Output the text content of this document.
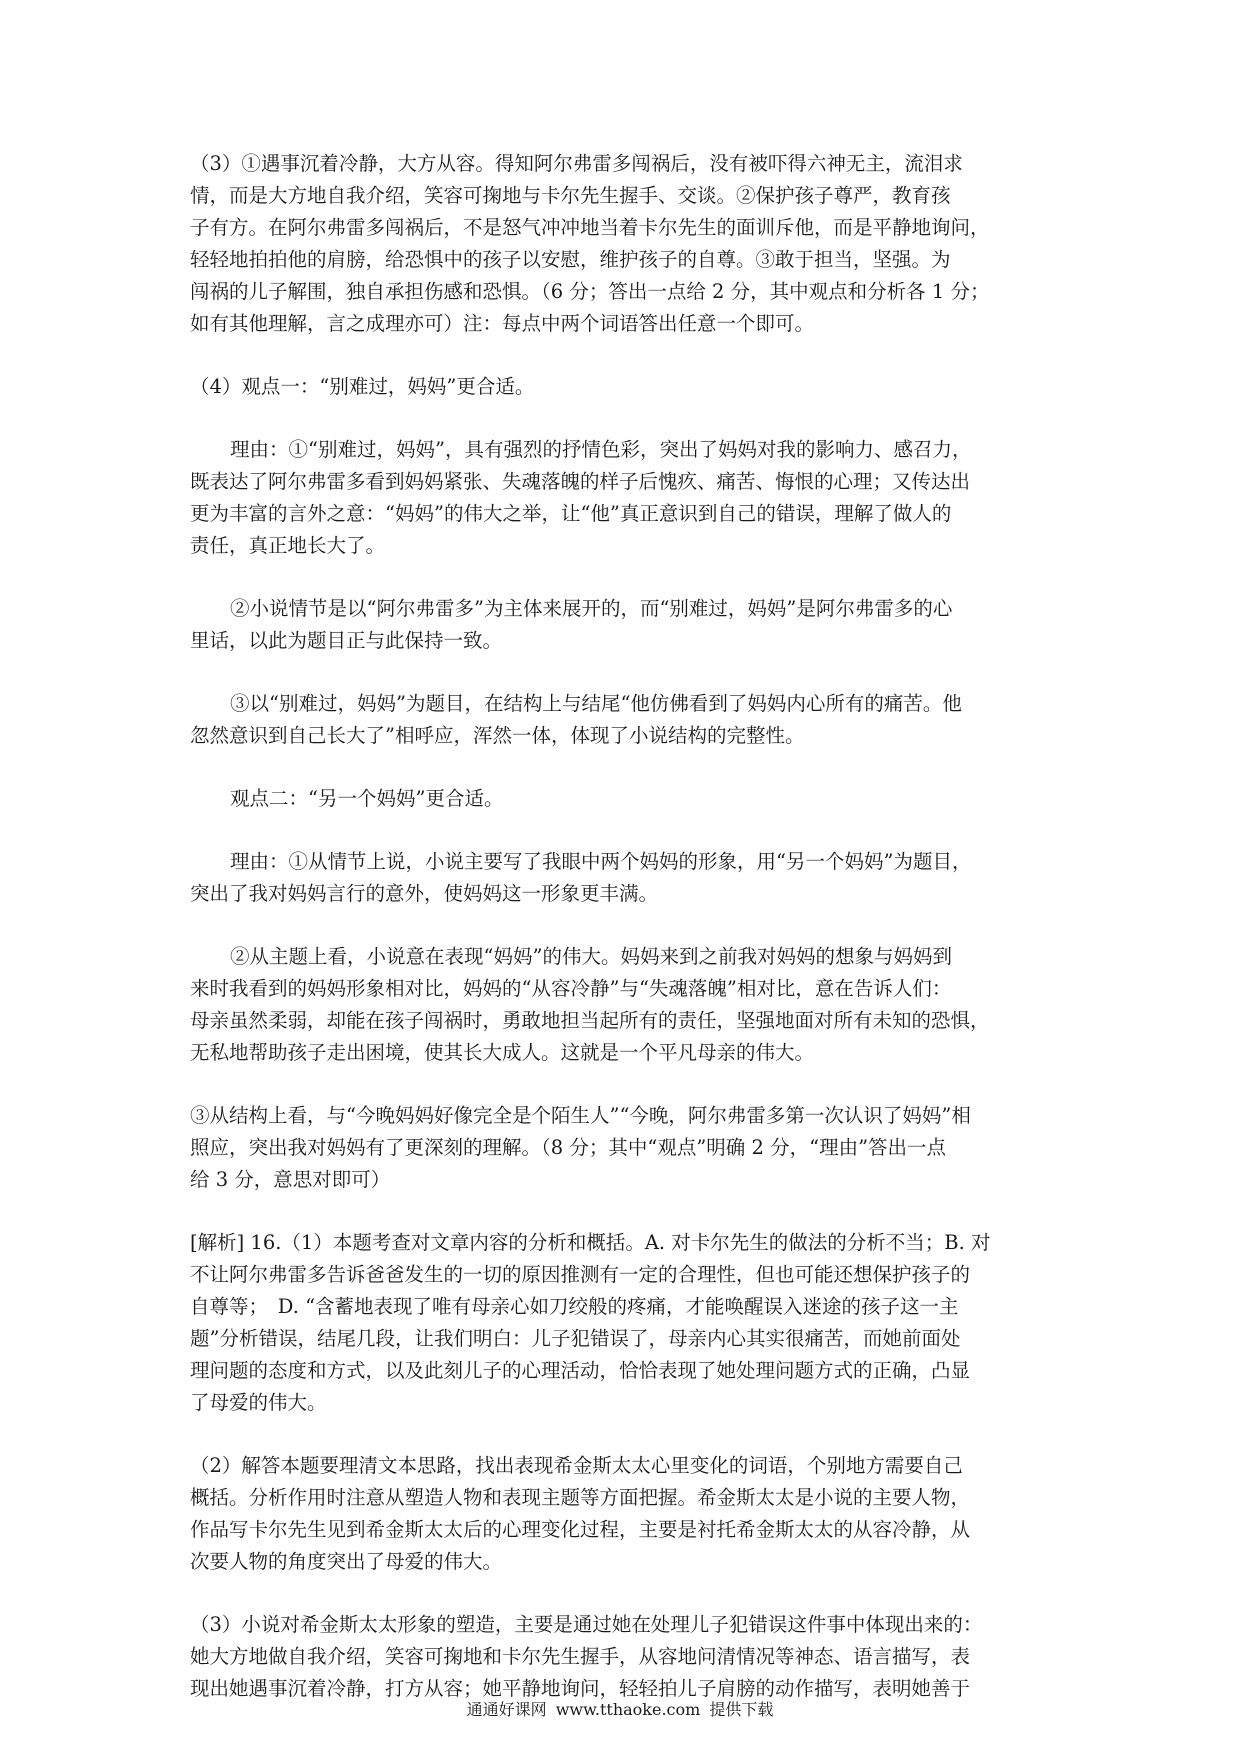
（3）①遇事沉着冷静，大方从容。得知阿尔弗雷多闯祸后，没有被吓得六神无主，流泪求
情，而是大方地自我介绍，笑容可掬地与卡尔先生握手、交谈。②保护孩子尊严，教育孩
子有方。在阿尔弗雷多闯祸后，不是怒气冲冲地当着卡尔先生的面训斥他，而是平静地询问，
轻轻地拍拍他的肩膀，给恐惧中的孩子以安慰，维护孩子的自尊。③敢于担当，坚强。为
闯祸的儿子解围，独自承担伤感和恐惧。（6 分；答出一点给 2 分，其中观点和分析各 1 分；
如有其他理解，言之成理亦可）注：每点中两个词语答出任意一个即可。

（4）观点一：“别难过，妈妈”更合适。

理由：①“别难过，妈妈”，具有强烈的抒情色彩，突出了妈妈对我的影响力、感召力，
既表达了阿尔弗雷多看到妈妈紧张、失魂落魄的样子后愧疚、痛苦、悔恨的心理；又传达出
更为丰富的言外之意：“妈妈”的伟大之举，让“他”真正意识到自己的错误，理解了做人的
责任，真正地长大了。

②小说情节是以“阿尔弗雷多”为主体来展开的，而“别难过，妈妈”是阿尔弗雷多的心
里话，以此为题目正与此保持一致。

③以“别难过，妈妈”为题目，在结构上与结尾“他仿佛看到了妈妈内心所有的痛苦。他
忽然意识到自己长大了”相呼应，浑然一体，体现了小说结构的完整性。

观点二：“另一个妈妈”更合适。

理由：①从情节上说，小说主要写了我眼中两个妈妈的形象，用“另一个妈妈”为题目，
突出了我对妈妈言行的意外，使妈妈这一形象更丰满。

②从主题上看，小说意在表现“妈妈”的伟大。妈妈来到之前我对妈妈的想象与妈妈到
来时我看到的妈妈形象相对比，妈妈的“从容冷静”与“失魂落魄”相对比，意在告诉人们：
母亲虽然柔弱，却能在孩子闯祸时，勇敢地担当起所有的责任，坚强地面对所有未知的恐惧，
无私地帮助孩子走出困境，使其长大成人。这就是一个平凡母亲的伟大。

③从结构上看，与“今晚妈妈好像完全是个陌生人”“今晚，阿尔弗雷多第一次认识了妈妈”相
照应，突出我对妈妈有了更深刻的理解。（8 分；其中“观点”明确 2 分，“理由”答出一点
给 3 分，意思对即可）

[解析] 16.（1）本题考查对文章内容的分析和概括。A. 对卡尔先生的做法的分析不当；B. 对
不让阿尔弗雷多告诉爸爸发生的一切的原因推测有一定的合理性，但也可能还想保护孩子的
自尊等；　D. “含蓄地表现了唯有母亲心如刀绞般的疼痛，才能唤醒误入迷途的孩子这一主
题”分析错误，结尾几段，让我们明白：儿子犯错误了，母亲内心其实很痛苦，而她前面处
理问题的态度和方式，以及此刻儿子的心理活动，恰恰表现了她处理问题方式的正确，凸显
了母爱的伟大。

（2）解答本题要理清文本思路，找出表现希金斯太太心里变化的词语，个别地方需要自己
概括。分析作用时注意从塑造人物和表现主题等方面把握。希金斯太太是小说的主要人物，
作品写卡尔先生见到希金斯太太后的心理变化过程，主要是衬托希金斯太太的从容冷静，从
次要人物的角度突出了母爱的伟大。

（3）小说对希金斯太太形象的塑造，主要是通过她在处理儿子犯错误这件事中体现出来的：
她大方地做自我介绍，笑容可掬地和卡尔先生握手，从容地问清情况等神态、语言描写，表
现出她遇事沉着冷静，打方从容；她平静地询问，轻轻拍儿子肩膀的动作描写，表明她善于

通通好课网 www.tthaoke.com 提供下载
